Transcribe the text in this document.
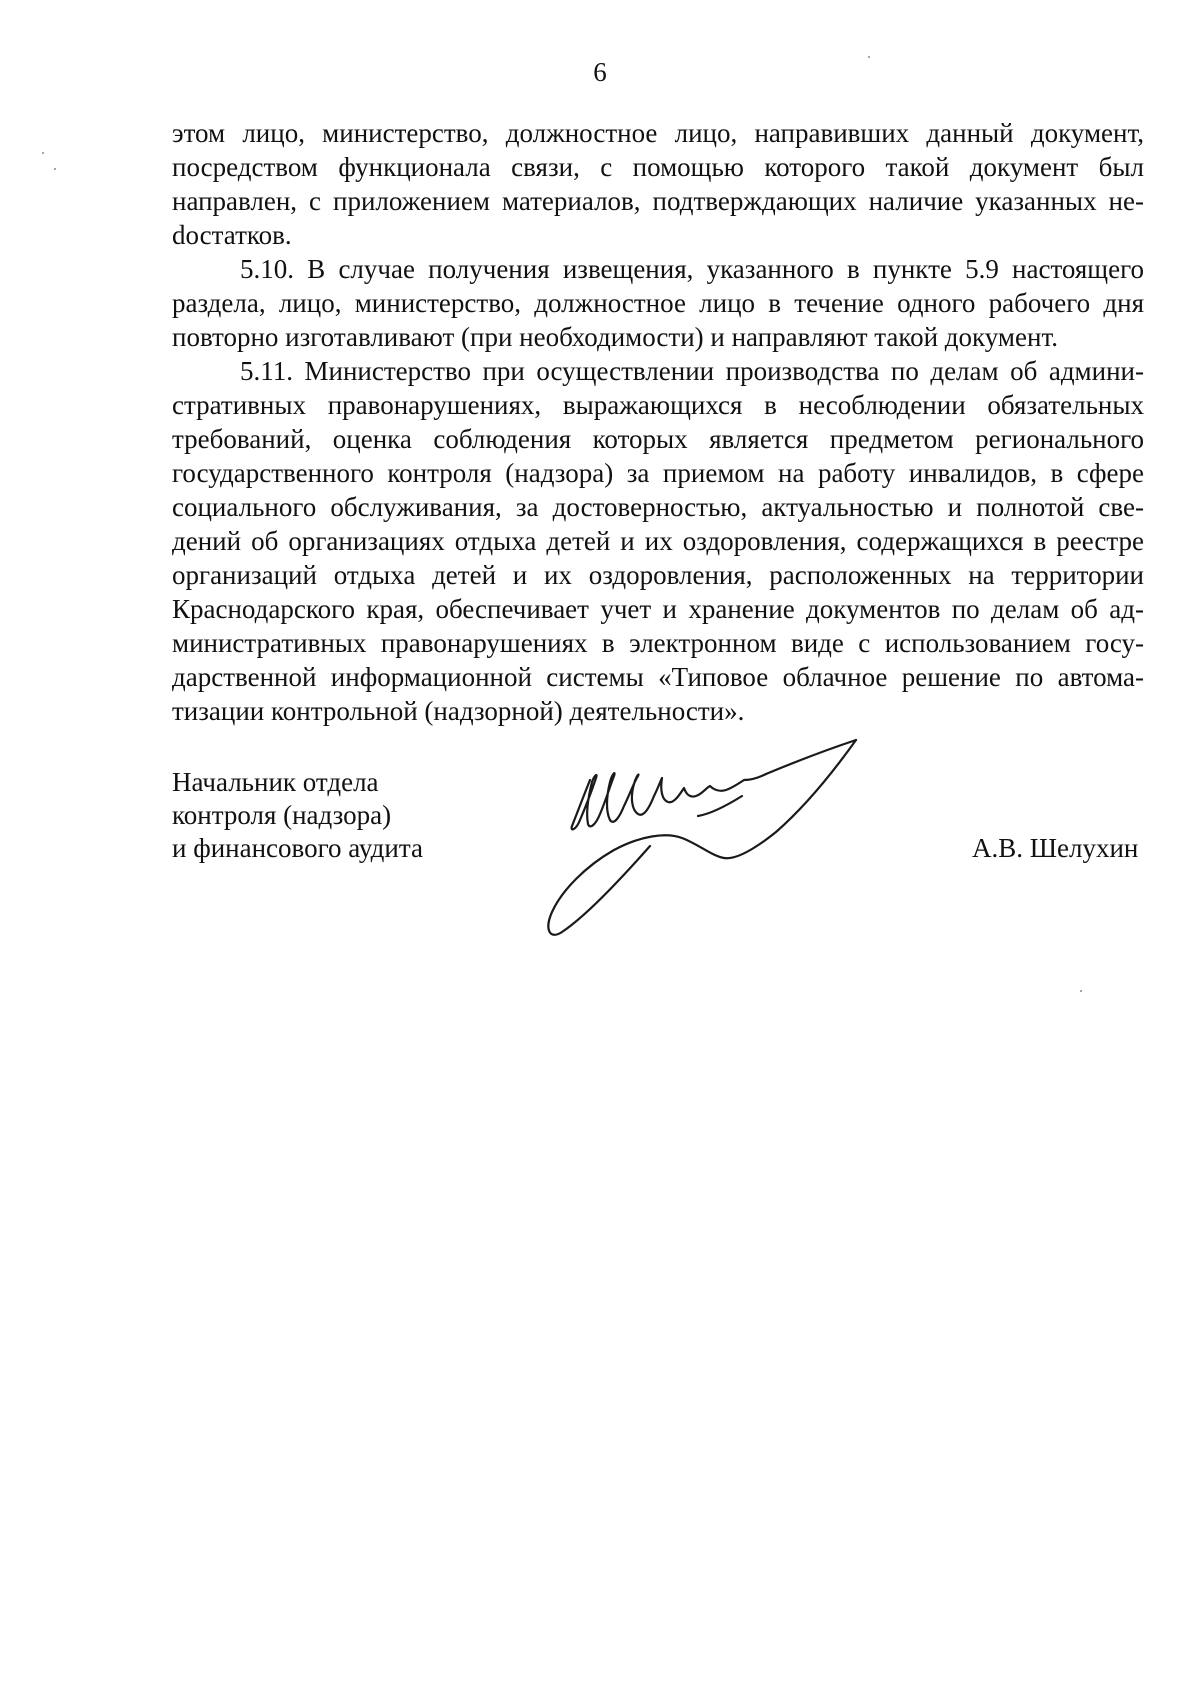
6

этом лицо, министерство, должностное лицо, направивших данный документ, посредством функционала связи, с помощью которого такой документ был направлен, с приложением материалов, подтверждающих наличие указанных неdостатков.

5.10. В случае получения извещения, указанного в пункте 5.9 настоящего раздела, лицо, министерство, должностное лицо в течение одного рабочего дня повторно изготавливают (при необходимости) и направляют такой документ.

5.11. Министерство при осуществлении производства по делам об административных правонарушениях, выражающихся в несоблюдении обязательных требований, оценка соблюдения которых является предметом регионального государственного контроля (надзора) за приемом на работу инвалидов, в сфере социального обслуживания, за достоверностью, актуальностью и полнотой сведений об организациях отдыха детей и их оздоровления, содержащихся в реестре организаций отдыха детей и их оздоровления, расположенных на территории Краснодарского края, обеспечивает учет и хранение документов по делам об административных правонарушениях в электронном виде с использованием государственной информационной системы «Типовое облачное решение по автоматизации контрольной (надзорной) деятельности».

Начальник отдела
контроля (надзора)
и финансового аудита	А.В. Шелухин
